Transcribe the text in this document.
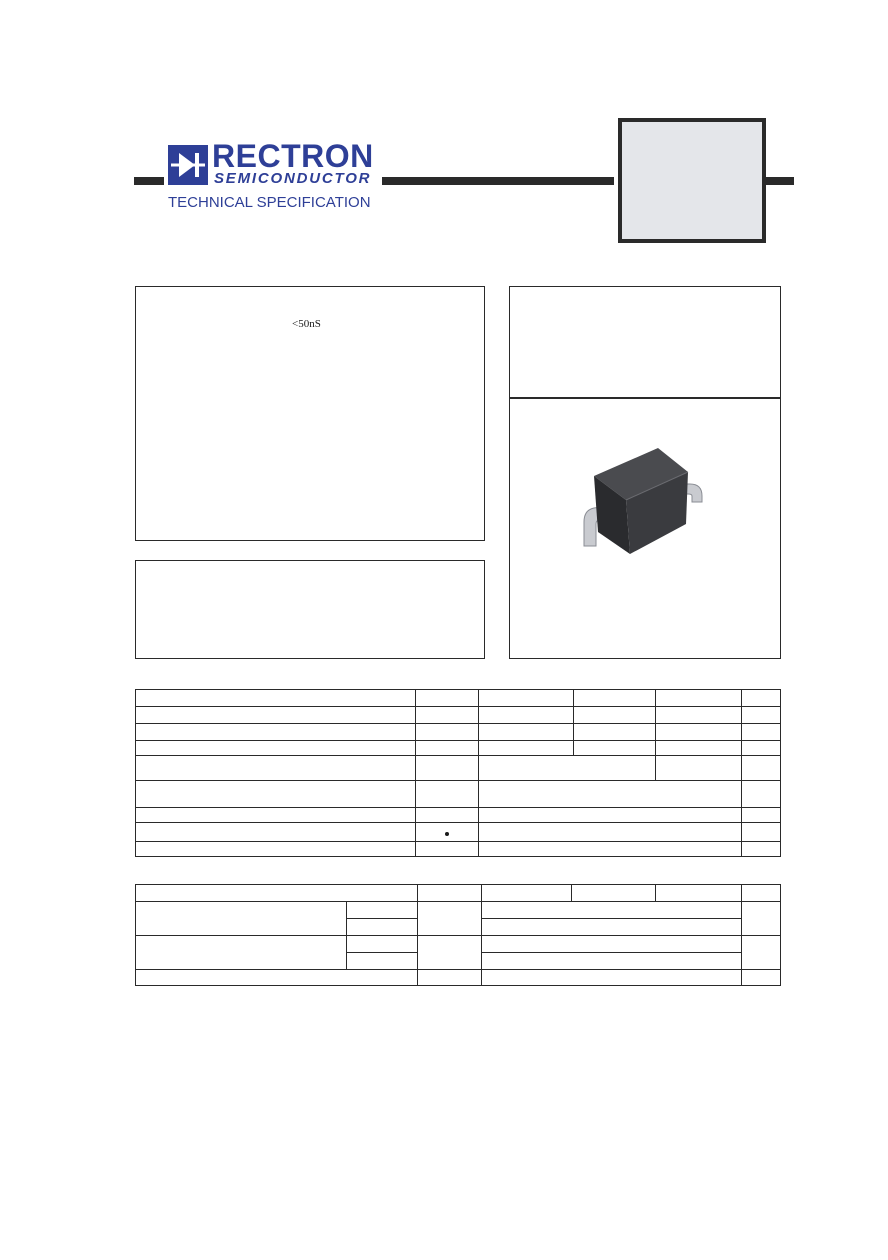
RECTRON
SEMICONDUCTOR
TECHNICAL SPECIFICATION
<50nS
